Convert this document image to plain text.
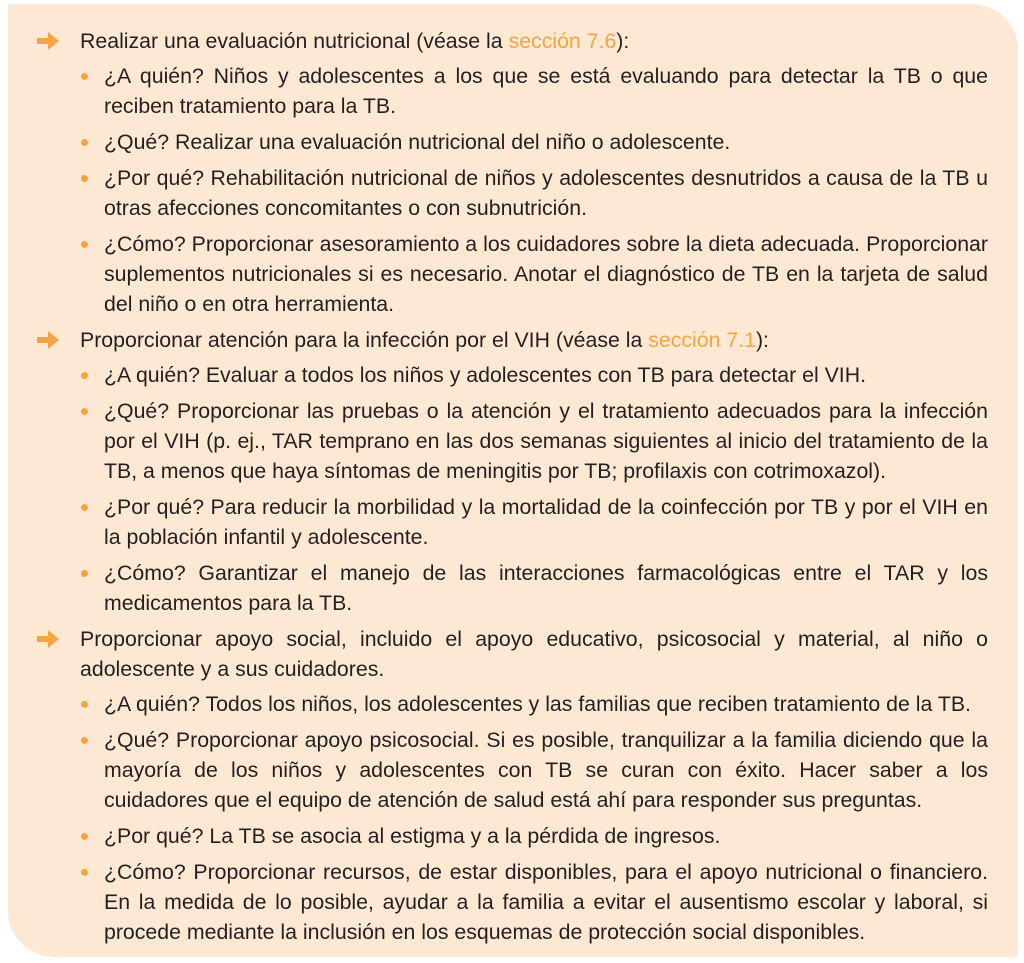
Realizar una evaluación nutricional (véase la sección 7.6):
¿A quién? Niños y adolescentes a los que se está evaluando para detectar la TB o que reciben tratamiento para la TB.
¿Qué? Realizar una evaluación nutricional del niño o adolescente.
¿Por qué? Rehabilitación nutricional de niños y adolescentes desnutridos a causa de la TB u otras afecciones concomitantes o con subnutrición.
¿Cómo? Proporcionar asesoramiento a los cuidadores sobre la dieta adecuada. Proporcionar suplementos nutricionales si es necesario. Anotar el diagnóstico de TB en la tarjeta de salud del niño o en otra herramienta.
Proporcionar atención para la infección por el VIH (véase la sección 7.1):
¿A quién? Evaluar a todos los niños y adolescentes con TB para detectar el VIH.
¿Qué? Proporcionar las pruebas o la atención y el tratamiento adecuados para la infección por el VIH (p. ej., TAR temprano en las dos semanas siguientes al inicio del tratamiento de la TB, a menos que haya síntomas de meningitis por TB; profilaxis con cotrimoxazol).
¿Por qué? Para reducir la morbilidad y la mortalidad de la coinfección por TB y por el VIH en la población infantil y adolescente.
¿Cómo? Garantizar el manejo de las interacciones farmacológicas entre el TAR y los medicamentos para la TB.
Proporcionar apoyo social, incluido el apoyo educativo, psicosocial y material, al niño o adolescente y a sus cuidadores.
¿A quién? Todos los niños, los adolescentes y las familias que reciben tratamiento de la TB.
¿Qué? Proporcionar apoyo psicosocial. Si es posible, tranquilizar a la familia diciendo que la mayoría de los niños y adolescentes con TB se curan con éxito. Hacer saber a los cuidadores que el equipo de atención de salud está ahí para responder sus preguntas.
¿Por qué? La TB se asocia al estigma y a la pérdida de ingresos.
¿Cómo? Proporcionar recursos, de estar disponibles, para el apoyo nutricional o financiero. En la medida de lo posible, ayudar a la familia a evitar el ausentismo escolar y laboral, si procede mediante la inclusión en los esquemas de protección social disponibles.
